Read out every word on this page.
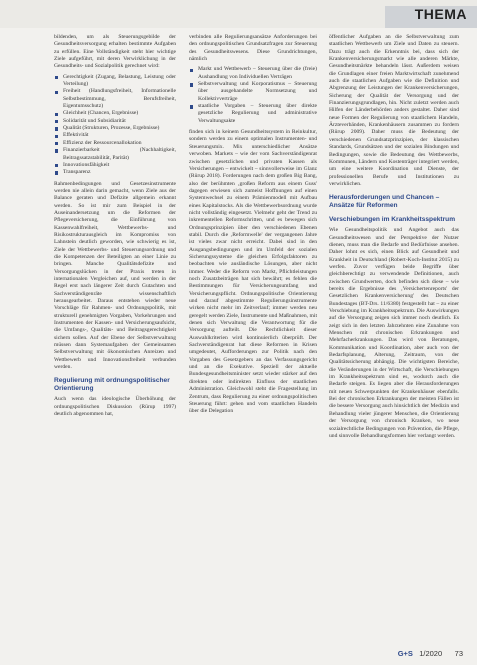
THEMA

bildenden, um als Steuerungsgebilde der Gesundheitsversorgung erhalten bestimmte Aufgaben zu erfüllen. Eine Vollständigkeit steht hier wichtige Ziele aufgeführt, mit deren Verwirklichung in der Gesundheits- und Sozialpolitik gerechnet wird:

Gerechtigkeit (Zugang, Belastung, Leistung oder Verteilung)
Freiheit (Handlungsfreiheit, Informationelle Selbstbestimmung, Berufsfreiheit, Eigentumsschutz)
Gleichheit (Chancen, Ergebnisse)
Solidarität und Subsidiarität
Qualität (Strukturen, Prozesse, Ergebnisse)
Effektivität
Effizienz der Ressourcenallokation
Finanzierbarkeit (Nachhaltigkeit, Beitragssatzstabilität, Parität)
Innovationsfähigkeit
Transparenz

Rahmenbedingungen und Gesetzesinstrumente werden nie allein darin gemacht, wenn Ziele aus der Balance geraten und Defizite allgemein erkannt werden. So ist mir zum Beispiel in der Auseinandersetzung um die Reformen der Pflegeversicherung, die Einführung von Kassenwahlfreiheit, Wettbewerbs- und Risikostrukturausgleich im Kompromiss von Lahnstein deutlich geworden, wie schwierig es ist, Ziele der Wettbewerbs- und Steuerungsordnung und die Kompetenzen der Beteiligten an einer Linie zu bringen. Manche Qualitätsdefizite und Versorgungslücken in der Praxis treten in internationalen Vergleichen auf, und werden in der Regel erst nach längerer Zeit durch Gutachten und Sachverständigenräte wissenschaftlich herausgearbeitet. Daraus entstehen wieder neue Vorschläge für Rahmen- und Ordnungspolitik, mit strukturell genehmigten Vorgaben, Vorkehrungen und Instrumenten der Kassen- und Versicherungsaufsicht, die Umfangs-, Qualitäts- und Beitragsgerechtigkeit sichern sollen. Auf der Ebene der Selbstverwaltung müssen dann Systemaufgaben der Gemeinsamen Selbstverwaltung mit ökonomischen Anreizen und Wettbewerb und Innovationsfreiheit verbunden werden.

Regulierung mit ordnungspolitischer Orientierung

Auch wenn das ideologische Überhöhung der ordnungspolitischen Diskussion (Rürup 1997) deutlich abgenommen hat,

verbinden alle Regulierungsansätze Anforderungen bei den ordnungspolitischen Grundsatzfragen zur Steuerung des Gesundheitswesens. Diese Grundrichtungen, nämlich

Markt und Wettbewerb – Steuerung über die (freie) Aushandlung von Individuellen Verträgen
Selbstverwaltung und Korporatismus – Steuerung über ausgehandelte Normsetzung und Kollektivverträge
staatliche Vorgaben – Steuerung über direkte gesetzliche Regulierung und administrative Verwaltungsakte

finden sich in keinem Gesundheitssystem in Reinkultur, sondern werden zu einem optimalen Instrumenten- und Steuerungsmix. Mix unterschiedlicher Ansätze verwoben. Markets – wie der vom Sachverständigenrat zwischen gesetzlichen und privaten Kassen als Versicherungen – entwickelt – sinnvollerweise im Glanz (Rürup 2018). Forderungen nach dem großen Big Bang, also der berühmten ‚großen Reform aus einem Guss' dagegen erwiesen sich zumeist Hoffnungen auf einen Systemwechsel zu einem Prämienmodell mit Aufbau eines Kapitalstocks. Als die Wettbewerbsordnung wurde nicht vollständig eingesetzt. Vielmehr geht der Trend zu inkrementellen Reformschritten, und es bewegen sich Ordnungsprinzipien über den verschiedenen Ebenen stabil. Durch die ‚Reformwelle' der vergangenen Jahre ist vieles zwar nicht erreicht. Dabei sind in den Ausgangsbedingungen und im Umfeld der sozialen Sicherungssysteme die gleichen Erfolgsfaktoren zu beobachten wie ausländische Lösungen, aber nicht immer. Weder die Reform von Markt, Pflichtleistungen noch Zusatzbeiträgen hat sich bewährt; es fehlen die Bestimmungen für Versicherungsumfang und Versicherungspflicht. Ordnungspolitische Orientierung und darauf abgestimmte Regulierungsinstrumente wirken nicht mehr im Zeitverlauf; immer werden neu geregelt werden Ziele, Instrumente und Maßnahmen, mit denen sich Verwaltung die Verantwortung für die Versorgung aufteilt. Die Rechtlichkeit dieser Auswahlkriterien wird kontinuierlich überprüft. Der Sachverständigenrat hat diese Reformen in Krisen umgedeutet, Aufforderungen zur Politik nach den Vorgaben des Gesetzgebers an das Verfassungsgericht und an die Exekutive. Speziell der aktuelle Bundesgesundheitsminister setzt wieder stärker auf den direkten oder indirekten Einfluss der staatlichen Administration. Gleichwohl steht die Fragestellung im Zentrum, dass Regulierung zu einer ordnungspolitischen Steuerung führt: gehen und vom staatlichen Handeln über die Delegation

öffentlicher Aufgaben an die Selbstverwaltung zum staatlichen Wettbewerb um Ziele und Daten zu steuern. Dazu trägt auch die Erkenntnis bei, dass sich der Krankenversicherungsmarkt wie alle anderen Märkte, Gesundheitsmärkte behandeln lässt. Außerdem weisen die Grundlagen einer freien Marktwirtschaft zunehmend auch die staatlichen Aufgaben wie die Definition und Abgrenzung der Leistungen der Krankenversicherungen, Sicherung der Qualität der Versorgung und der Finanzierungsgrundlagen, hin. Nicht zuletzt werden auch Hilfen der Länderbehörden anders gestaltet. Daher sind neue Formen der Regulierung von staatlichem Handeln, Ärzteverbänden, Krankenhäusern zusammen zu fordern (Rürup 2009). Daher muss die Bedeutung der verschiedenen Grundsatzprinzipien, der klassischen Standards, Grundsätzen und der sozialen Bindungen und Bedingungen, sowie die Bedeutung des Wettbewerbs, Kommunen, Ländern und Kostenträger integriert werden, um eine weitere Koordination und Dienste, der professionellen Berufe und Institutionen zu verwirklichen.

Herausforderungen und Chancen – Ansätze für Reformen
Verschiebungen im Krankheitsspektrum

Wie Gesundheitspolitik und Angebot auch das Gesundheitswesen und der Perspektive der Nutzer dienen, muss man die Bedarfe und Bedürfnisse ansehen. Daher lohnt es sich, einen Blick auf Gesundheit und Krankheit in Deutschland (Robert-Koch-Institut 2015) zu werfen. Zuvor verfügen beide Begriffe über gleichberechtigt zu verwendende Definitionen, auch zwischen Grundwerten, doch befinden sich diese – wie bereits die Ergebnisse des ‚Versichertenreports' der Gesetzlichen Krankenversicherung' des Deutschen Bundestages (BT-Drs. 11/6380) festgestellt hat – zu einer Verschiebung im Krankheitsspektrum. Die Auswirkungen auf die Versorgung zeigen sich immer noch deutlich. Es zeigt sich in den letzten Jahrzehnten eine Zunahme von Menschen mit chronischen Erkrankungen und Mehrfacherkrankungen. Das wird von Beratungen, Kommunikation und Koordination, aber auch von der Bedarfsplanung, Alterung, Zeitraum, von der Qualitätssicherung abhängig. Die wichtigsten Bereiche, die Veränderungen in der Wirtschaft, die Verschiebungen im Krankheitsspektrum sind es, wodurch auch die Bedarfe steigen. Es liegen aber die Herausforderungen mit neuen Schwerpunkten der Krankenhäuser ebenfalls. Bei der chronischen Erkrankungen der meisten Fällen ist die bessere Versorgung auch hinsichtlich der Medizin und Behandlung vieler jüngerer Menschen, die Orientierung der Versorgung von chronisch Kranken, wo neue sozialrechtliche Bedingungen von Prävention, die Pflege, und sinnvolle Behandlungsformen hier verlangt werden.

G+S 1/2020 73
